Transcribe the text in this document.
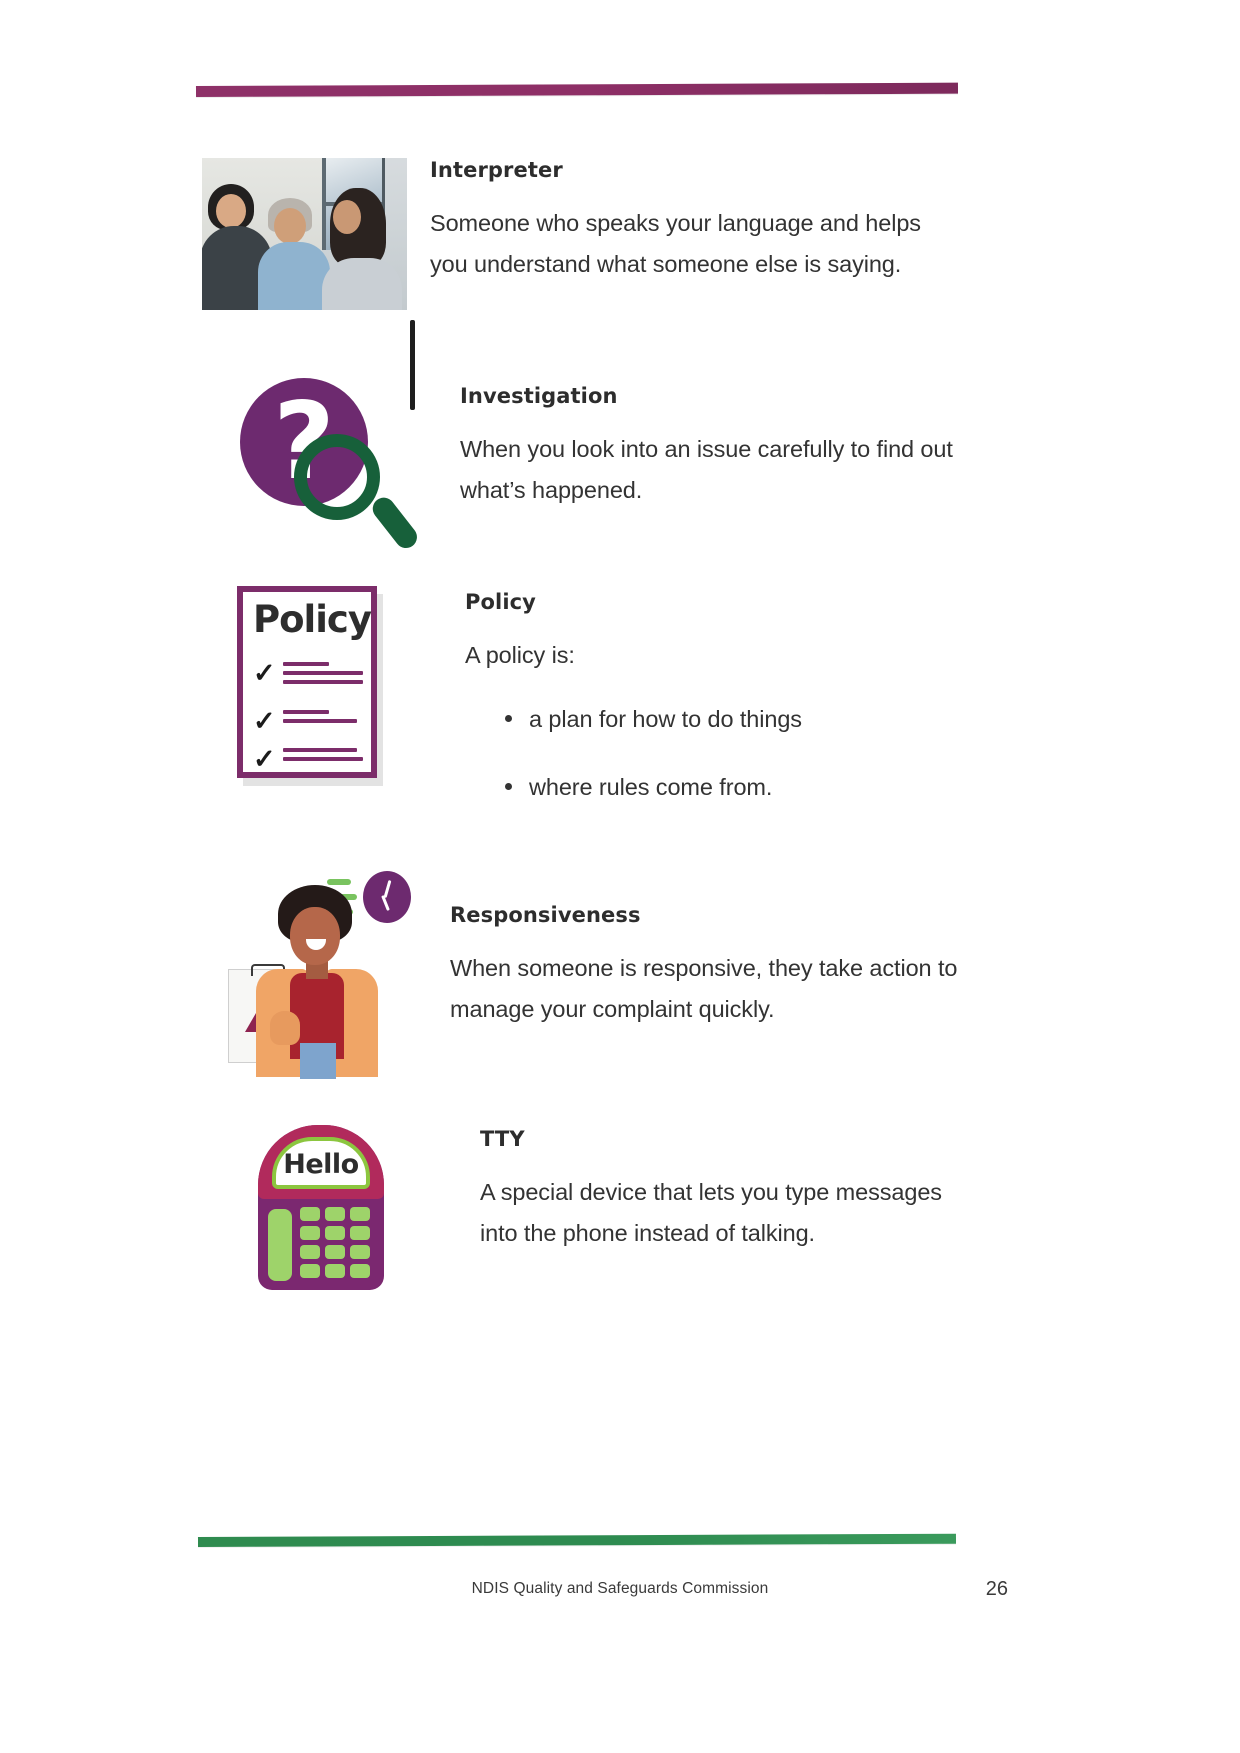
Interpreter

Someone who speaks your language and helps you understand what someone else is saying.

?	Investigation

When you look into an issue carefully to find out what’s happened.

Policy
✓
✓
✓

Policy

A policy is:

a plan for how to do things
where rules come from.

Responsiveness

When someone is responsive, they take action to manage your complaint quickly.

Hello

TTY

A special device that lets you type messages into the phone instead of talking.

NDIS Quality and Safeguards Commission	26
